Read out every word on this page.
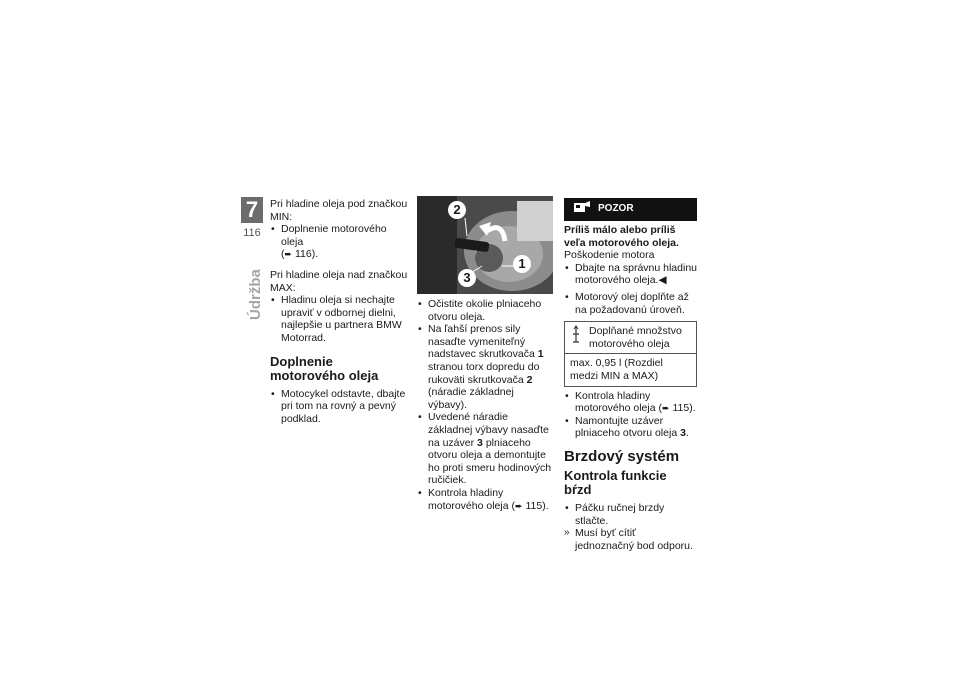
7
116
Údržba

Pri hladine oleja pod značkou MIN:

• Doplnenie motorového oleja
(➨ 116).

Pri hladine oleja nad značkou MAX:

• Hladinu oleja si nechajte upraviť v odbornej dielni, najlepšie u partnera BMW Motorrad.
Doplnenie motorového oleja
• Motocykel odstavte, dbajte pri tom na rovný a pevný podklad.
2
1
3
• Očistite okolie plniaceho otvoru oleja.
• Na ľahší prenos sily nasaďte vymeniteľný nadstavec skrutkovača 1 stranou torx dopredu do rukoväti skrutkovača 2 (náradie základnej výbavy).
• Uvedené náradie základnej výbavy nasaďte na uzáver 3 plniaceho otvoru oleja a demontujte ho proti smeru hodinových ručičiek.
• Kontrola hladiny motorového oleja (➨ 115).
POZOR
Príliš málo alebo príliš veľa motorového oleja.

Poškodenie motora

• Dbajte na správnu hladinu motorového oleja.◀
• Motorový olej doplňte až na požadovanú úroveň.
Doplňané množstvo motorového oleja
max. 0,95 l (Rozdiel medzi MIN a MAX)
• Kontrola hladiny motorového oleja (➨ 115).
• Namontujte uzáver plniaceho otvoru oleja 3.
Brzdový systém
Kontrola funkcie bŕzd
• Páčku ručnej brzdy stlačte.
» Musí byť cítiť jednoznačný bod odporu.
